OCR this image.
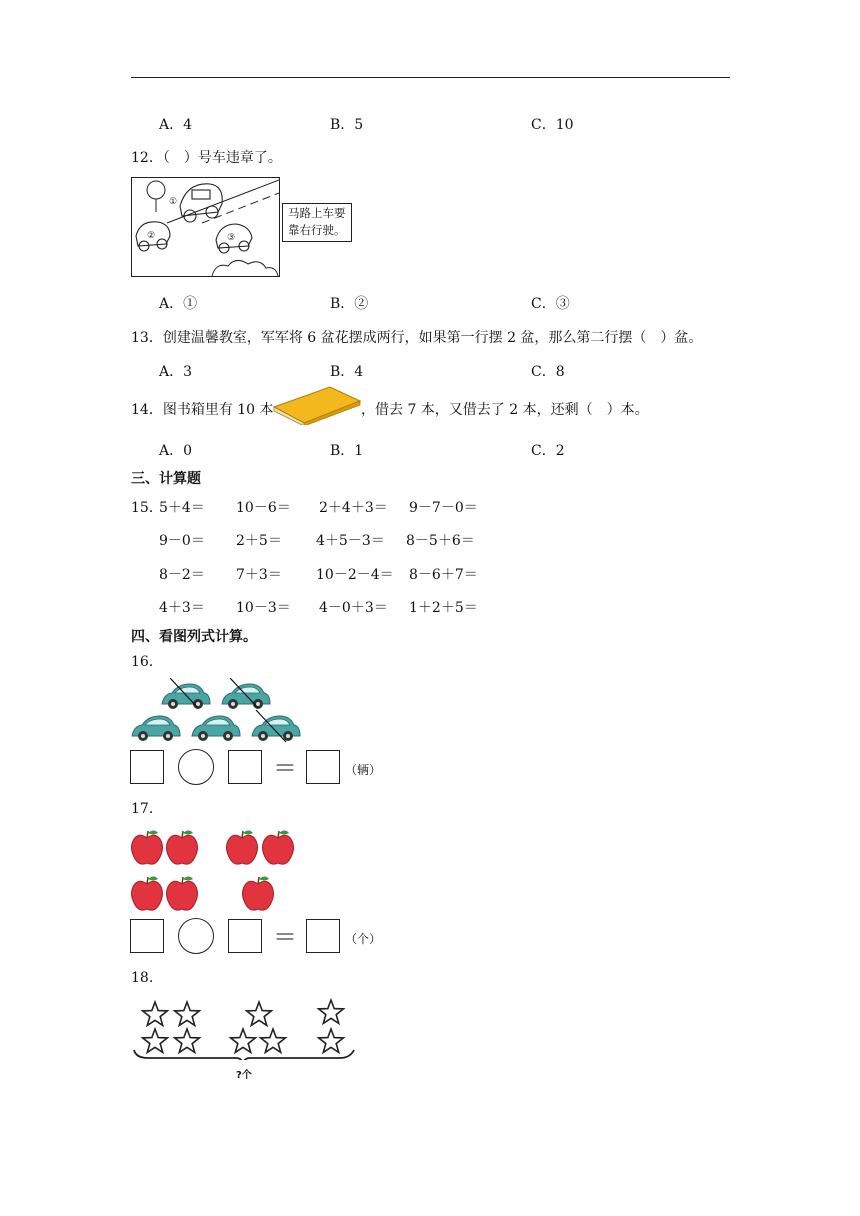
A．4	B．5	C．10
12．（　）号车违章了。
①
②	③
马路上车要
靠右行驶。
A．①	B．②	C．③
13．创建温馨教室，军军将 6 盆花摆成两行，如果第一行摆 2 盆，那么第二行摆（　）盆。
A．3	B．4	C．8
14．图书箱里有 10 本	，借去 7 本，又借去了 2 本，还剩（　）本。
A．0	B．1	C．2
三、计算题
15．
5＋4＝ 10－6＝ 2＋4＋3＝ 9－7－0＝
9－0＝ 2＋5＝ 4＋5－3＝ 8－5＋6＝
8－2＝ 7＋3＝ 10－2－4＝ 8－6＋7＝
4＋3＝ 10－3＝ 4－0＋3＝ 1＋2＋5＝
四、看图列式计算。
16.
＝	（辆）
17.
＝	（个）
18.
?个
